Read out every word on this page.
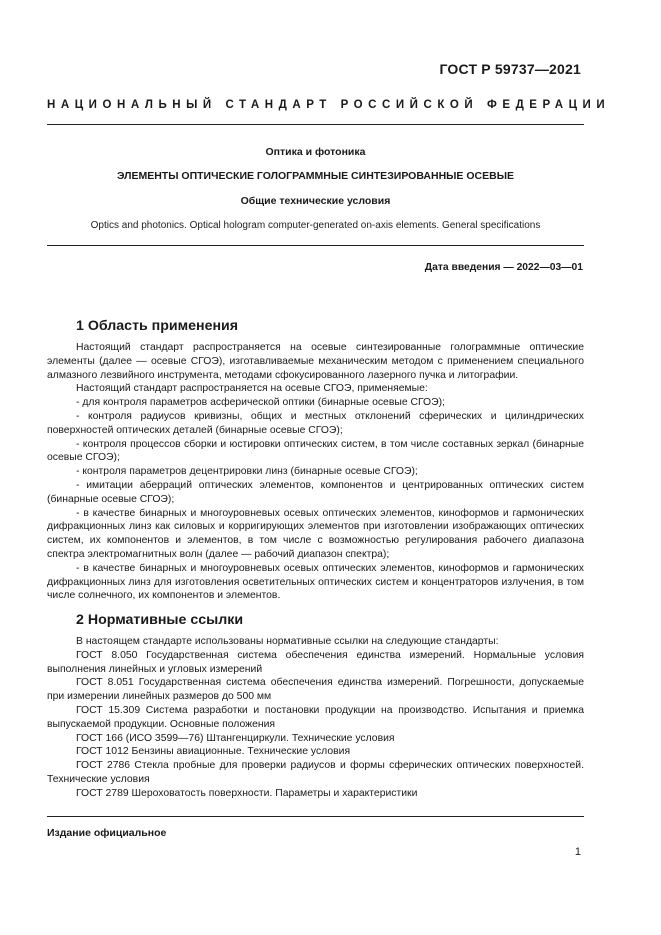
ГОСТ Р 59737—2021
НАЦИОНАЛЬНЫЙ СТАНДАРТ РОССИЙСКОЙ ФЕДЕРАЦИИ
Оптика и фотоника
ЭЛЕМЕНТЫ ОПТИЧЕСКИЕ ГОЛОГРАММНЫЕ СИНТЕЗИРОВАННЫЕ ОСЕВЫЕ
Общие технические условия
Optics and photonics. Optical hologram computer-generated on-axis elements. General specifications
Дата введения — 2022—03—01
1 Область применения

Настоящий стандарт распространяется на осевые синтезированные голограммные оптические элементы (далее — осевые СГОЭ), изготавливаемые механическим методом с применением специального алмазного лезвийного инструмента, методами сфокусированного лазерного пучка и литографии.

Настоящий стандарт распространяется на осевые СГОЭ, применяемые:

- для контроля параметров асферической оптики (бинарные осевые СГОЭ);

- контроля радиусов кривизны, общих и местных отклонений сферических и цилиндрических поверхностей оптических деталей (бинарные осевые СГОЭ);

- контроля процессов сборки и юстировки оптических систем, в том числе составных зеркал (бинарные осевые СГОЭ);

- контроля параметров децентрировки линз (бинарные осевые СГОЭ);

- имитации аберраций оптических элементов, компонентов и центрированных оптических систем (бинарные осевые СГОЭ);

- в качестве бинарных и многоуровневых осевых оптических элементов, киноформов и гармонических дифракционных линз как силовых и корригирующих элементов при изготовлении изображающих оптических систем, их компонентов и элементов, в том числе с возможностью регулирования рабочего диапазона спектра электромагнитных волн (далее — рабочий диапазон спектра);

- в качестве бинарных и многоуровневых осевых оптических элементов, киноформов и гармонических дифракционных линз для изготовления осветительных оптических систем и концентраторов излучения, в том числе солнечного, их компонентов и элементов.

2 Нормативные ссылки

В настоящем стандарте использованы нормативные ссылки на следующие стандарты:

ГОСТ 8.050 Государственная система обеспечения единства измерений. Нормальные условия выполнения линейных и угловых измерений

ГОСТ 8.051 Государственная система обеспечения единства измерений. Погрешности, допускаемые при измерении линейных размеров до 500 мм

ГОСТ 15.309 Система разработки и постановки продукции на производство. Испытания и приемка выпускаемой продукции. Основные положения

ГОСТ 166 (ИСО 3599—76) Штангенциркули. Технические условия

ГОСТ 1012 Бензины авиационные. Технические условия

ГОСТ 2786 Стекла пробные для проверки радиусов и формы сферических оптических поверхностей. Технические условия

ГОСТ 2789 Шероховатость поверхности. Параметры и характеристики

Издание официальное
1
